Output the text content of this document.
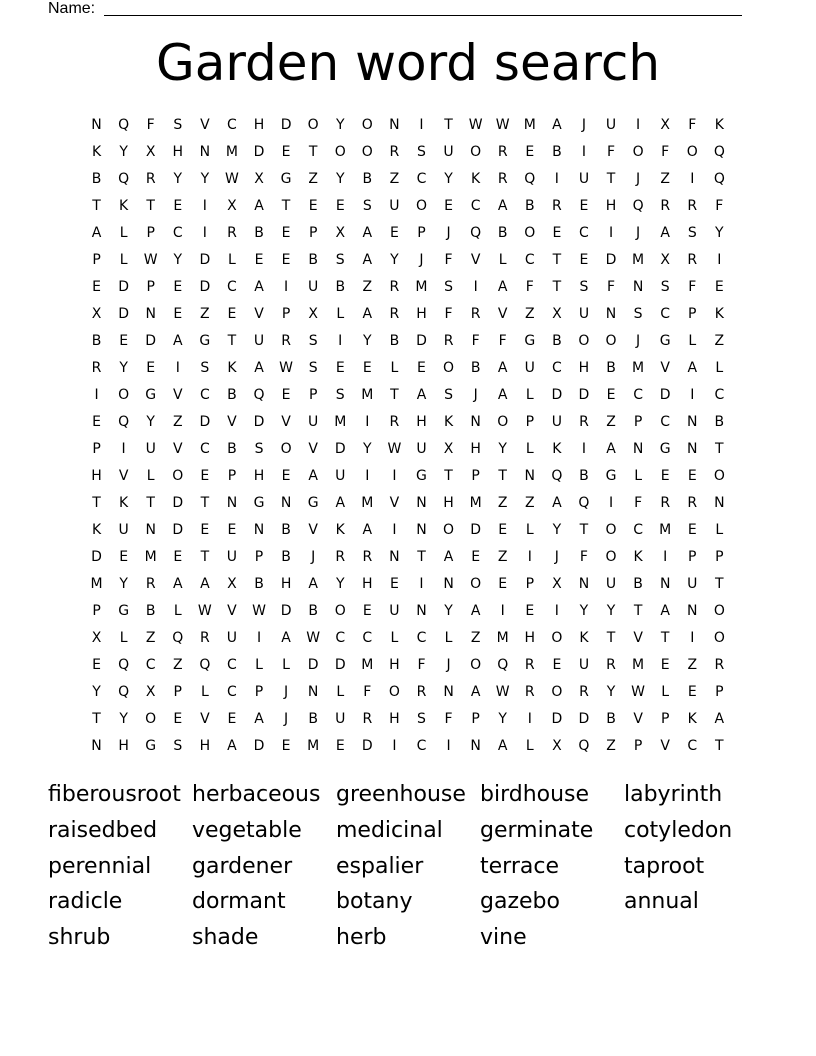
Name:
Garden word search
N	Q	F	S	V	C	H	D	O	Y	O	N	I	T	W W	M	A	J	U	I	X	F	K
K	Y	X	H	N	M	D	E	T	O	O	R	S	U	O	R	E	B	I	F	O	F	O	Q
B	Q	R	Y	Y	W	X	G	Z	Y	B	Z	C	Y	K	R	Q	I	U	T	J	Z	I	Q
T	K	T	E	I	X	A	T	E	E	S	U	O	E	C	A	B	R	E	H	Q	R	R	F
A	L	P	C	I	R	B	E	P	X	A	E	P	J	Q	B	O	E	C	I	J	A	S	Y
P	L	W	Y	D	L	E	E	B	S	A	Y	J	F	V	L	C	T	E	D	M	X	R	I
E	D	P	E	D	C	A	I	U	B	Z	R	M	S	I	A	F	T	S	F	N	S	F	E
X	D	N	E	Z	E	V	P	X	L	A	R	H	F	R	V	Z	X	U	N	S	C	P	K
B	E	D	A	G	T	U	R	S	I	Y	B	D	R	F	F	G	B	O	O	J	G	L	Z
R	Y	E	I	S	K	A	W	S	E	E	L	E	O	B	A	U	C	H	B	M	V	A	L
I	O	G	V	C	B	Q	E	P	S	M	T	A	S	J	A	L	D	D	E	C	D	I	C
E	Q	Y	Z	D	V	D	V	U	M	I	R	H	K	N	O	P	U	R	Z	P	C	N	B
P	I	U	V	C	B	S	O	V	D	Y	W	U	X	H	Y	L	K	I	A	N	G	N	T
H	V	L	O	E	P	H	E	A	U	I	I	G	T	P	T	N	Q	B	G	L	E	E	O
T	K	T	D	T	N	G	N	G	A	M	V	N	H	M	Z	Z	A	Q	I	F	R	R	N
K	U	N	D	E	E	N	B	V	K	A	I	N	O	D	E	L	Y	T	O	C	M	E	L
D	E	M	E	T	U	P	B	J	R	R	N	T	A	E	Z	I	J	F	O	K	I	P	P
M	Y	R	A	A	X	B	H	A	Y	H	E	I	N	O	E	P	X	N	U	B	N	U	T
P	G	B	L	W	V	W	D	B	O	E	U	N	Y	A	I	E	I	Y	Y	T	A	N	O
X	L	Z	Q	R	U	I	A	W	C	C	L	C	L	Z	M	H	O	K	T	V	T	I	O
E	Q	C	Z	Q	C	L	L	D	D	M	H	F	J	O	Q	R	E	U	R	M	E	Z	R
Y	Q	X	P	L	C	P	J	N	L	F	O	R	N	A	W	R	O	R	Y	W	L	E	P
T	Y	O	E	V	E	A	J	B	U	R	H	S	F	P	Y	I	D	D	B	V	P	K	A
N	H	G	S	H	A	D	E	M	E	D	I	C	I	N	A	L	X	Q	Z	P	V	C	T
fiberousroot herbaceous greenhouse birdhouse	labyrinth
raisedbed	vegetable	medicinal	germinate	cotyledon
perennial	gardener	espalier	terrace	taproot
radicle	dormant	botany	gazebo	annual
shrub	shade	herb	vine
